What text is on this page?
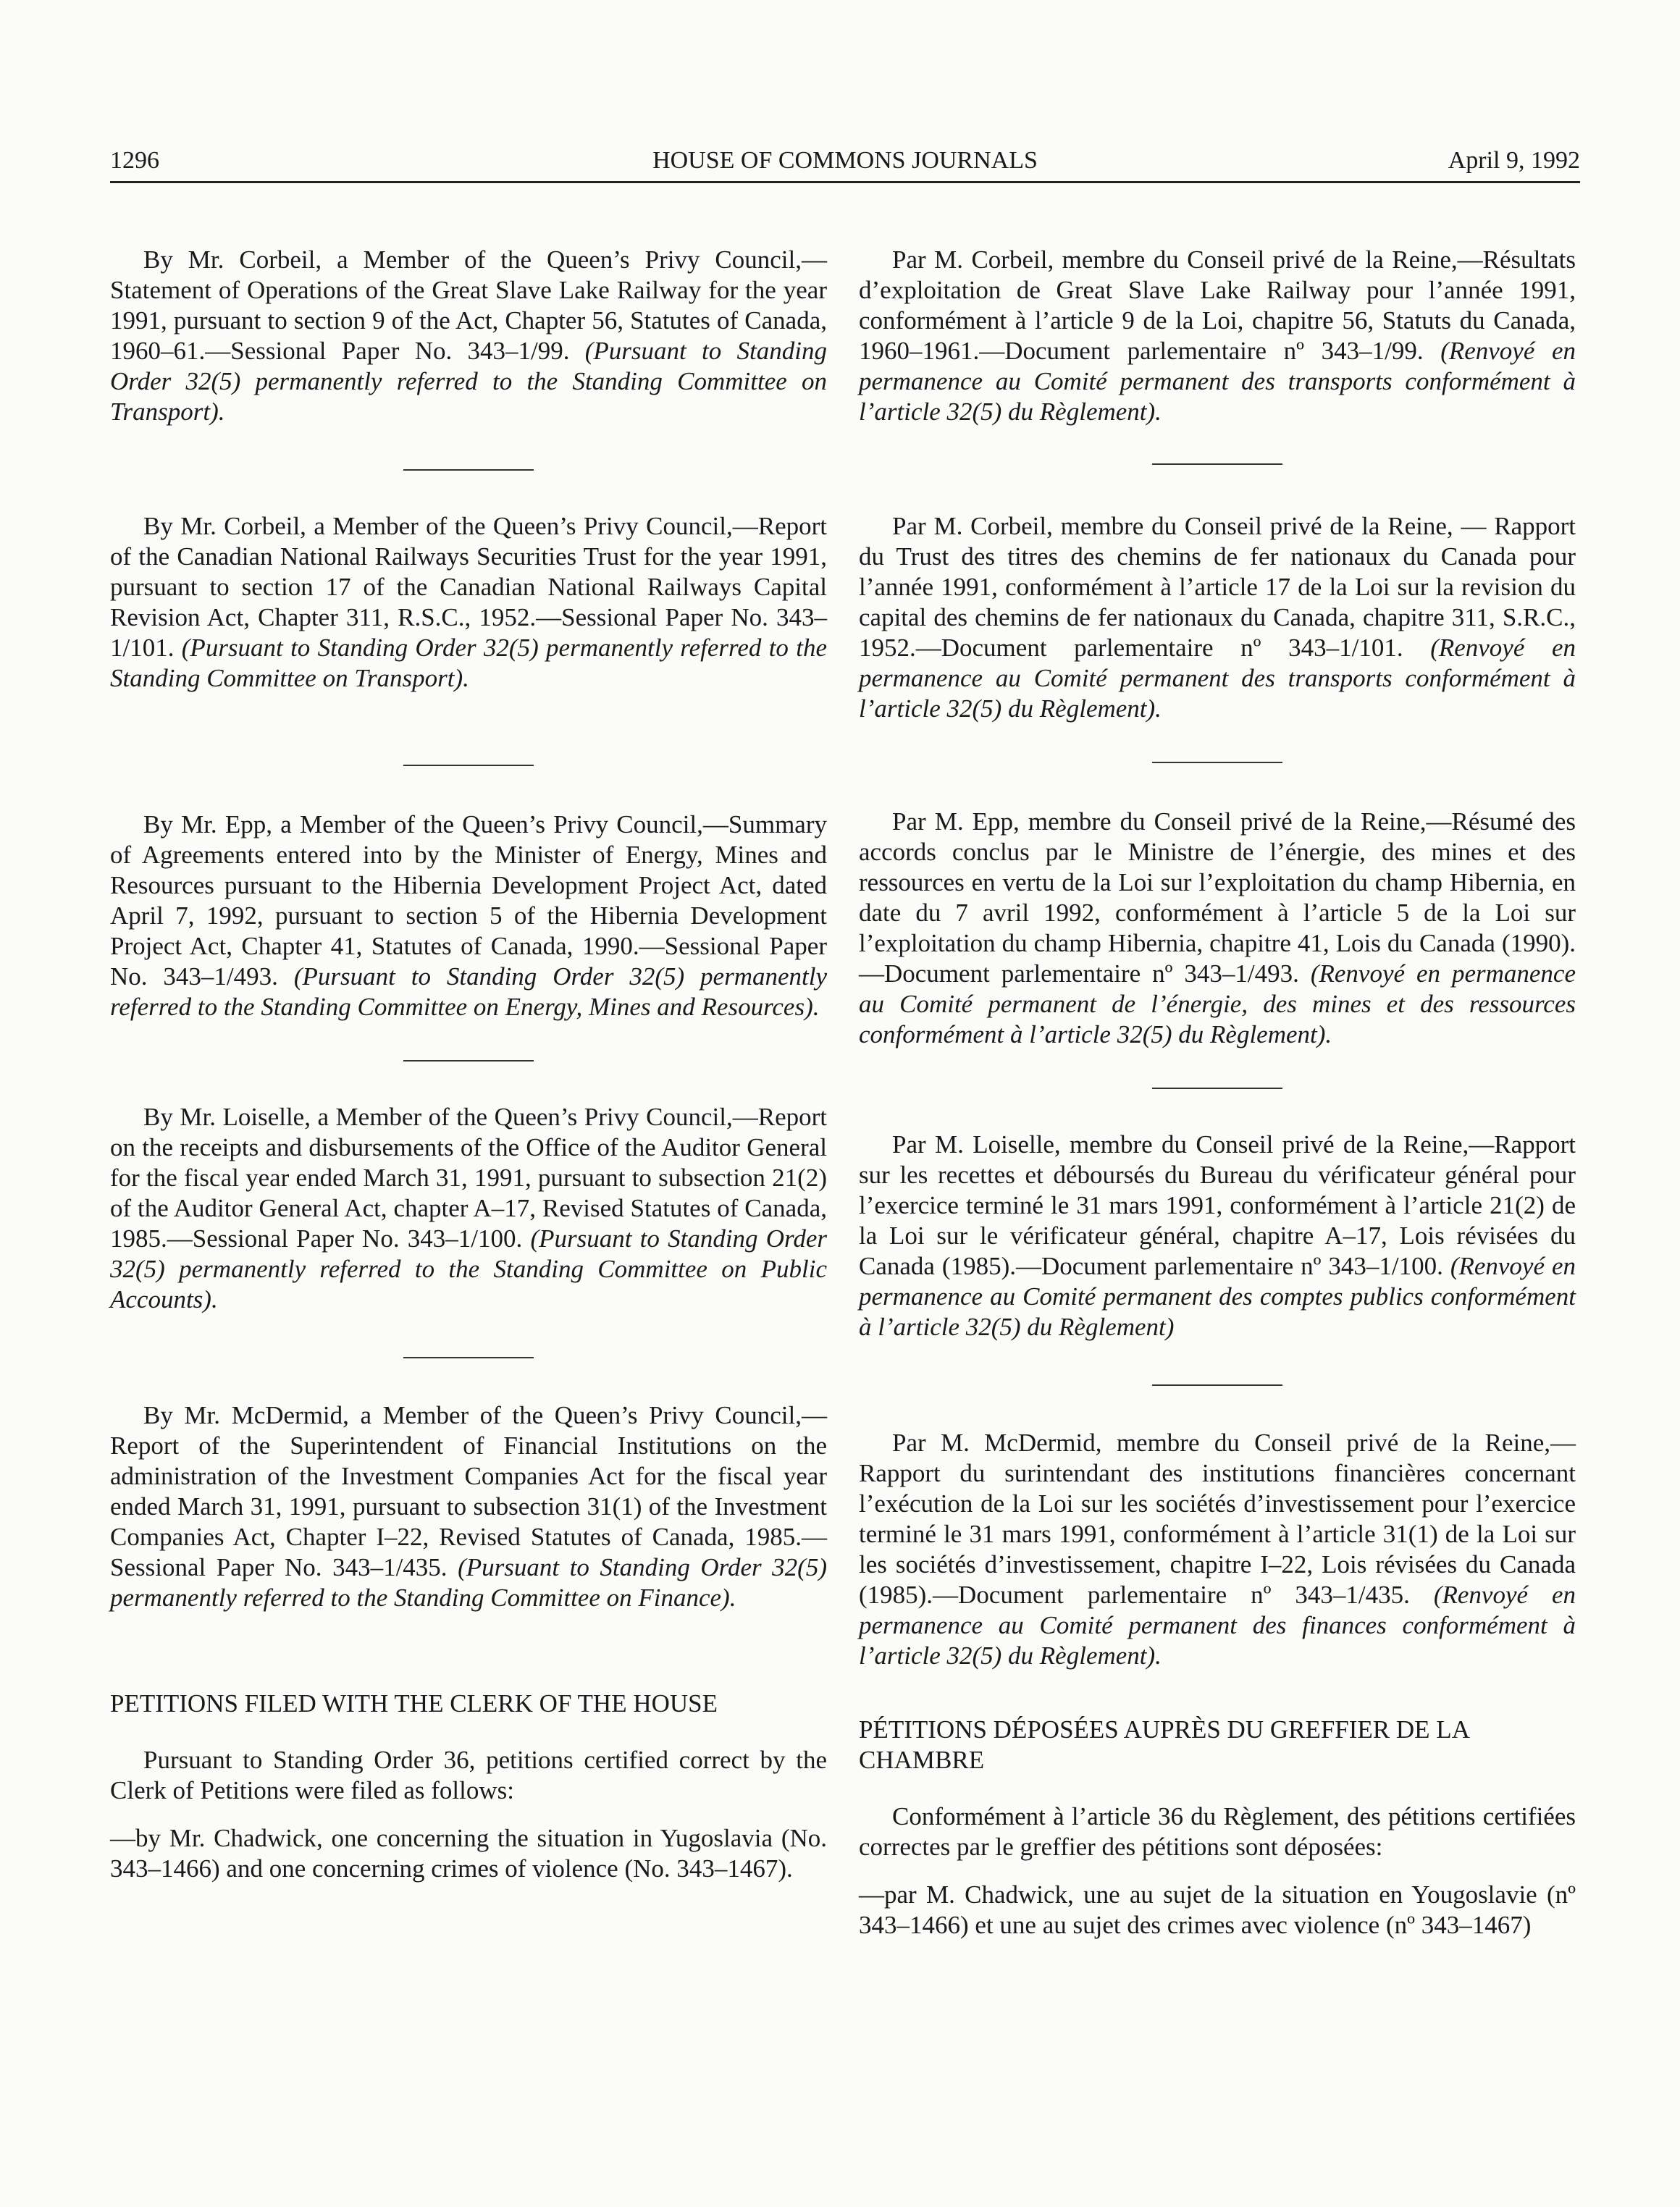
1296	HOUSE OF COMMONS JOURNALS	April 9, 1992

By Mr. Corbeil, a Member of the Queen’s Privy Council,—Statement of Operations of the Great Slave Lake Railway for the year 1991, pursuant to section 9 of the Act, Chapter 56, Statutes of Canada, 1960–61.—Sessional Paper No. 343–1/99. (Pursuant to Standing Order 32(5) permanently referred to the Standing Committee on Transport).

By Mr. Corbeil, a Member of the Queen’s Privy Council,—Report of the Canadian National Railways Securities Trust for the year 1991, pursuant to section 17 of the Canadian National Railways Capital Revision Act, Chapter 311, R.S.C., 1952.—Sessional Paper No. 343–1/101. (Pursuant to Standing Order 32(5) permanently referred to the Standing Committee on Transport).

By Mr. Epp, a Member of the Queen’s Privy Council,—Summary of Agreements entered into by the Minister of Energy, Mines and Resources pursuant to the Hibernia Development Project Act, dated April 7, 1992, pursuant to section 5 of the Hibernia Development Project Act, Chapter 41, Statutes of Canada, 1990.—Sessional Paper No. 343–1/493. (Pursuant to Standing Order 32(5) permanently referred to the Standing Committee on Energy, Mines and Resources).

By Mr. Loiselle, a Member of the Queen’s Privy Council,—Report on the receipts and disbursements of the Office of the Auditor General for the fiscal year ended March 31, 1991, pursuant to subsection 21(2) of the Auditor General Act, chapter A–17, Revised Statutes of Canada, 1985.—Sessional Paper No. 343–1/100. (Pursuant to Standing Order 32(5) permanently referred to the Standing Committee on Public Accounts).

By Mr. McDermid, a Member of the Queen’s Privy Council,—Report of the Superintendent of Financial Institutions on the administration of the Investment Companies Act for the fiscal year ended March 31, 1991, pursuant to subsection 31(1) of the Investment Companies Act, Chapter I–22, Revised Statutes of Canada, 1985.—Sessional Paper No. 343–1/435. (Pursuant to Standing Order 32(5) permanently referred to the Standing Committee on Finance).

PETITIONS FILED WITH THE CLERK OF THE HOUSE

Pursuant to Standing Order 36, petitions certified correct by the Clerk of Petitions were filed as follows:

—by Mr. Chadwick, one concerning the situation in Yugoslavia (No. 343–1466) and one concerning crimes of violence (No. 343–1467).

Par M. Corbeil, membre du Conseil privé de la Reine,—Résultats d’exploitation de Great Slave Lake Railway pour l’année 1991, conformément à l’article 9 de la Loi, chapitre 56, Statuts du Canada, 1960–1961.—Document parlementaire nº 343–1/99. (Renvoyé en permanence au Comité permanent des transports conformément à l’article 32(5) du Règlement).

Par M. Corbeil, membre du Conseil privé de la Reine, — Rapport du Trust des titres des chemins de fer nationaux du Canada pour l’année 1991, conformément à l’article 17 de la Loi sur la revision du capital des chemins de fer nationaux du Canada, chapitre 311, S.R.C., 1952.—Document parlementaire nº 343–1/101. (Renvoyé en permanence au Comité permanent des transports conformément à l’article 32(5) du Règlement).

Par M. Epp, membre du Conseil privé de la Reine,—Résumé des accords conclus par le Ministre de l’énergie, des mines et des ressources en vertu de la Loi sur l’exploitation du champ Hibernia, en date du 7 avril 1992, conformément à l’article 5 de la Loi sur l’exploitation du champ Hibernia, chapitre 41, Lois du Canada (1990).—Document parlementaire nº 343–1/493. (Renvoyé en permanence au Comité permanent de l’énergie, des mines et des ressources conformément à l’article 32(5) du Règlement).

Par M. Loiselle, membre du Conseil privé de la Reine,—Rapport sur les recettes et déboursés du Bureau du vérificateur général pour l’exercice terminé le 31 mars 1991, conformément à l’article 21(2) de la Loi sur le vérificateur général, chapitre A–17, Lois révisées du Canada (1985).—Document parlementaire nº 343–1/100. (Renvoyé en permanence au Comité permanent des comptes publics conformément à l’article 32(5) du Règlement)

Par M. McDermid, membre du Conseil privé de la Reine,—Rapport du surintendant des institutions financières concernant l’exécution de la Loi sur les sociétés d’investissement pour l’exercice terminé le 31 mars 1991, conformément à l’article 31(1) de la Loi sur les sociétés d’investissement, chapitre I–22, Lois révisées du Canada (1985).—Document parlementaire nº 343–1/435. (Renvoyé en permanence au Comité permanent des finances conformément à l’article 32(5) du Règlement).

PÉTITIONS DÉPOSÉES AUPRÈS DU GREFFIER DE LA CHAMBRE

Conformément à l’article 36 du Règlement, des pétitions certifiées correctes par le greffier des pétitions sont déposées:

—par M. Chadwick, une au sujet de la situation en Yougoslavie (nº 343–1466) et une au sujet des crimes avec violence (nº 343–1467)
